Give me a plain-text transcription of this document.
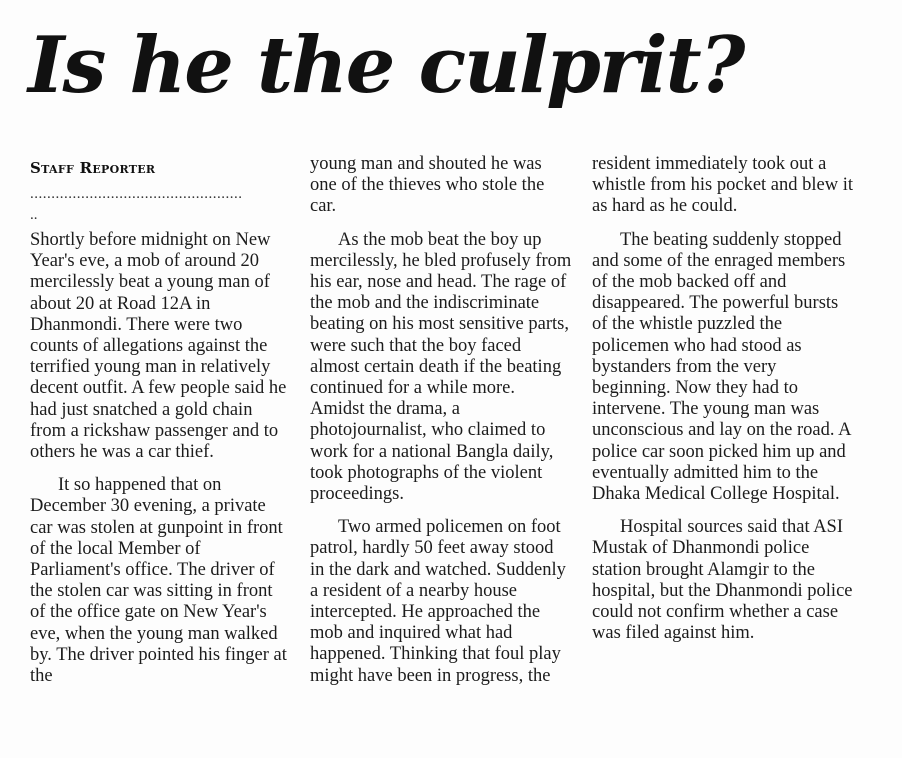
Is he the culprit?
Staff Reporter
..................................................
..

Shortly before midnight on New Year's eve, a mob of around 20 mercilessly beat a young man of about 20 at Road 12A in Dhanmondi. There were two counts of allegations against the terrified young man in relatively decent outfit. A few people said he had just snatched a gold chain from a rickshaw passenger and to others he was a car thief.

It so happened that on December 30 evening, a private car was stolen at gunpoint in front of the local Member of Parliament's office. The driver of the stolen car was sitting in front of the office gate on New Year's eve, when the young man walked by. The driver pointed his finger at the

young man and shouted he was one of the thieves who stole the car.

As the mob beat the boy up mercilessly, he bled profusely from his ear, nose and head. The rage of the mob and the indiscriminate beating on his most sensitive parts, were such that the boy faced almost certain death if the beating continued for a while more. Amidst the drama, a photojournalist, who claimed to work for a national Bangla daily, took photographs of the violent proceedings.

Two armed policemen on foot patrol, hardly 50 feet away stood in the dark and watched. Suddenly a resident of a nearby house intercepted. He approached the mob and inquired what had happened. Thinking that foul play might have been in progress, the

resident immediately took out a whistle from his pocket and blew it as hard as he could.

The beating suddenly stopped and some of the enraged members of the mob backed off and disappeared. The powerful bursts of the whistle puzzled the policemen who had stood as bystanders from the very beginning. Now they had to intervene. The young man was unconscious and lay on the road. A police car soon picked him up and eventually admitted him to the Dhaka Medical College Hospital.

Hospital sources said that ASI Mustak of Dhanmondi police station brought Alamgir to the hospital, but the Dhanmondi police could not confirm whether a case was filed against him.
